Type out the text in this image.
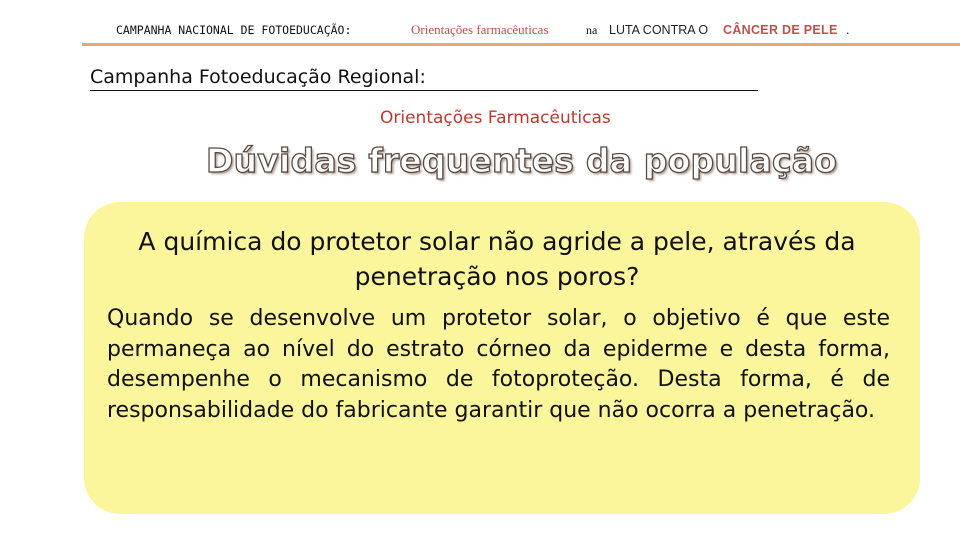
CAMPANHA NACIONAL DE FOTOEDUCAÇÃO:	Orientações farmacêuticas	na LUTA CONTRA O CÂNCER DE PELE .
Campanha Fotoeducação Regional:
Orientações Farmacêuticas
Dúvidas frequentes da população

A química do protetor solar não agride a pele, através da penetração nos poros?

Quando se desenvolve um protetor solar, o objetivo é que este permaneça ao nível do estrato córneo da epiderme e desta forma, desempenhe o mecanismo de fotoproteção. Desta forma, é de responsabilidade do fabricante garantir que não ocorra a penetração.
